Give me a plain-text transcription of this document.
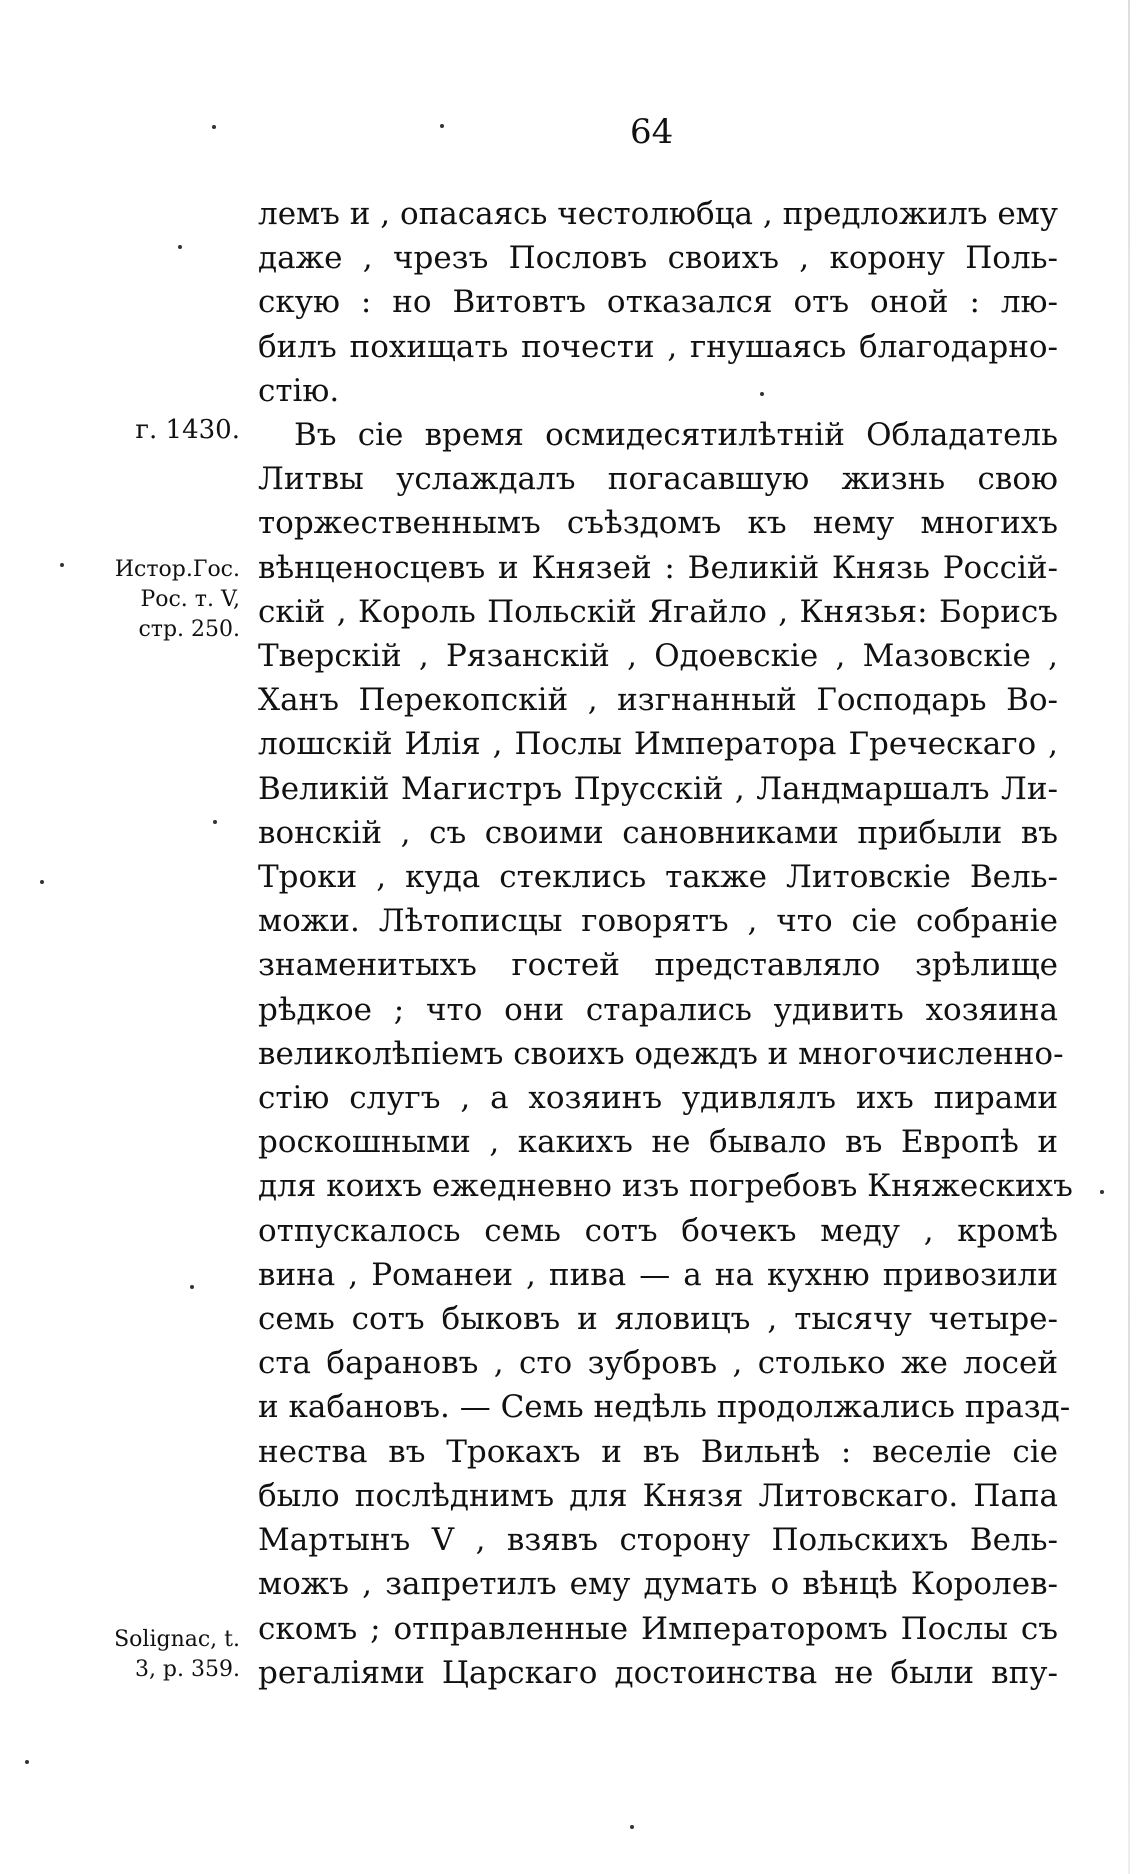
64
г. 1430.
Истор.Гос.
Рос. т. V,
стр. 250.
Solignac, t.
3, p. 359.
лемъ и , опасаясь честолюбца , предложилъ ему
даже , чрезъ Пословъ своихъ , корону Поль-
скую : но Витовтъ отказался отъ оной : лю-
билъ похищать почести , гнушаясь благодарно-
стію.
Въ сіе время осмидесятилѣтній Обладатель
Литвы услаждалъ погасавшую жизнь свою
торжественнымъ съѣздомъ къ нему многихъ
вѣнценосцевъ и Князей : Великій Князь Россій-
скій , Король Польскій Ягайло , Князья: Борисъ
Тверскій , Рязанскій , Одоевскіе , Мазовскіе ,
Ханъ Перекопскій , изгнанный Господарь Во-
лошскій Илія , Послы Императора Греческаго ,
Великій Магистръ Прусскій , Ландмаршалъ Ли-
вонскій , съ своими сановниками прибыли въ
Троки , куда стеклись также Литовскіе Вель-
можи. Лѣтописцы говорятъ , что сіе собраніе
знаменитыхъ гостей представляло зрѣлище
рѣдкое ; что они старались удивить хозяина
великолѣпіемъ своихъ одеждъ и многочисленно-
стію слугъ , а хозяинъ удивлялъ ихъ пирами
роскошными , какихъ не бывало въ Европѣ и
для коихъ ежедневно изъ погребовъ Княжескихъ
отпускалось семь сотъ бочекъ меду , кромѣ
вина , Романеи , пива — а на кухню привозили
семь сотъ быковъ и яловицъ , тысячу четыре-
ста барановъ , сто зубровъ , столько же лосей
и кабановъ. — Семь недѣль продолжались празд-
нества въ Трокахъ и въ Вильнѣ : веселіе сіе
было послѣднимъ для Князя Литовскаго. Папа
Мартынъ V , взявъ сторону Польскихъ Вель-
можъ , запретилъ ему думать о вѣнцѣ Королев-
скомъ ; отправленные Императоромъ Послы съ
регаліями Царскаго достоинства не были впу-
